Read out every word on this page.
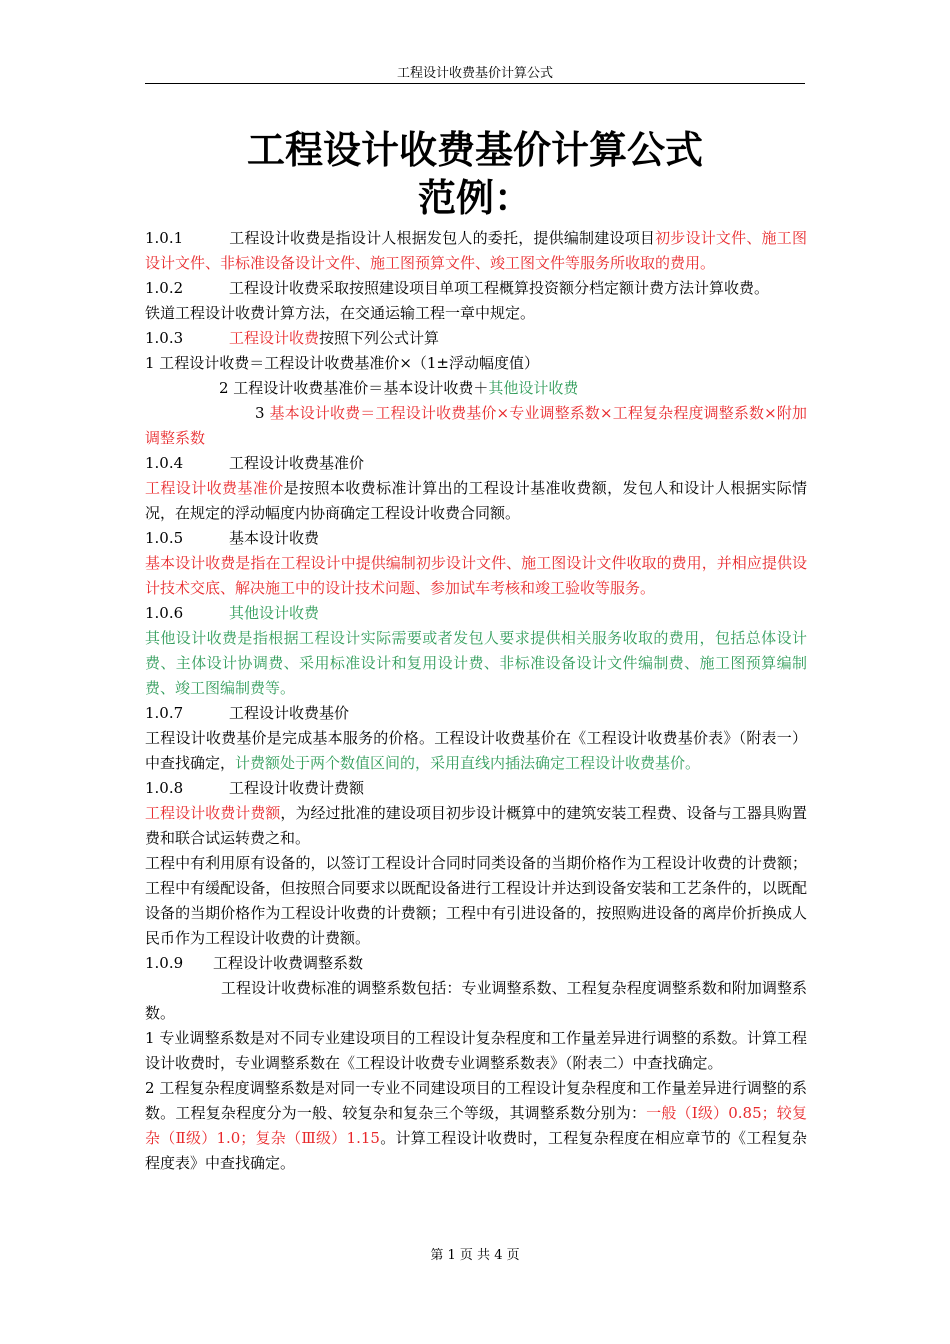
工程设计收费基价计算公式
工程设计收费基价计算公式
范例：

1.0.1	工程设计收费是指设计人根据发包人的委托，提供编制建设项目初步设计文件、施工图设计文件、非标准设备设计文件、施工图预算文件、竣工图文件等服务所收取的费用。

1.0.2	工程设计收费采取按照建设项目单项工程概算投资额分档定额计费方法计算收费。

铁道工程设计收费计算方法，在交通运输工程一章中规定。

1.0.3	工程设计收费按照下列公式计算

1 工程设计收费＝工程设计收费基准价×（1±浮动幅度值）

2 工程设计收费基准价＝基本设计收费＋其他设计收费

3 基本设计收费＝工程设计收费基价×专业调整系数×工程复杂程度调整系数×附加调整系数

1.0.4	工程设计收费基准价

工程设计收费基准价是按照本收费标准计算出的工程设计基准收费额，发包人和设计人根据实际情况，在规定的浮动幅度内协商确定工程设计收费合同额。

1.0.5	基本设计收费

基本设计收费是指在工程设计中提供编制初步设计文件、施工图设计文件收取的费用，并相应提供设计技术交底、解决施工中的设计技术问题、参加试车考核和竣工验收等服务。

1.0.6	其他设计收费

其他设计收费是指根据工程设计实际需要或者发包人要求提供相关服务收取的费用，包括总体设计费、主体设计协调费、采用标准设计和复用设计费、非标准设备设计文件编制费、施工图预算编制费、竣工图编制费等。

1.0.7	工程设计收费基价

工程设计收费基价是完成基本服务的价格。工程设计收费基价在《工程设计收费基价表》（附表一）中查找确定，计费额处于两个数值区间的，采用直线内插法确定工程设计收费基价。

1.0.8	工程设计收费计费额

工程设计收费计费额，为经过批准的建设项目初步设计概算中的建筑安装工程费、设备与工器具购置费和联合试运转费之和。

工程中有利用原有设备的，以签订工程设计合同时同类设备的当期价格作为工程设计收费的计费额；工程中有缓配设备，但按照合同要求以既配设备进行工程设计并达到设备安装和工艺条件的，以既配设备的当期价格作为工程设计收费的计费额；工程中有引进设备的，按照购进设备的离岸价折换成人民币作为工程设计收费的计费额。

1.0.9 工程设计收费调整系数

工程设计收费标准的调整系数包括：专业调整系数、工程复杂程度调整系数和附加调整系数。

1 专业调整系数是对不同专业建设项目的工程设计复杂程度和工作量差异进行调整的系数。计算工程设计收费时，专业调整系数在《工程设计收费专业调整系数表》（附表二）中查找确定。

2 工程复杂程度调整系数是对同一专业不同建设项目的工程设计复杂程度和工作量差异进行调整的系数。工程复杂程度分为一般、较复杂和复杂三个等级，其调整系数分别为：一般（Ⅰ级）0.85；较复杂（Ⅱ级）1.0；复杂（Ⅲ级）1.15。计算工程设计收费时，工程复杂程度在相应章节的《工程复杂程度表》中查找确定。

第 1 页 共 4 页
